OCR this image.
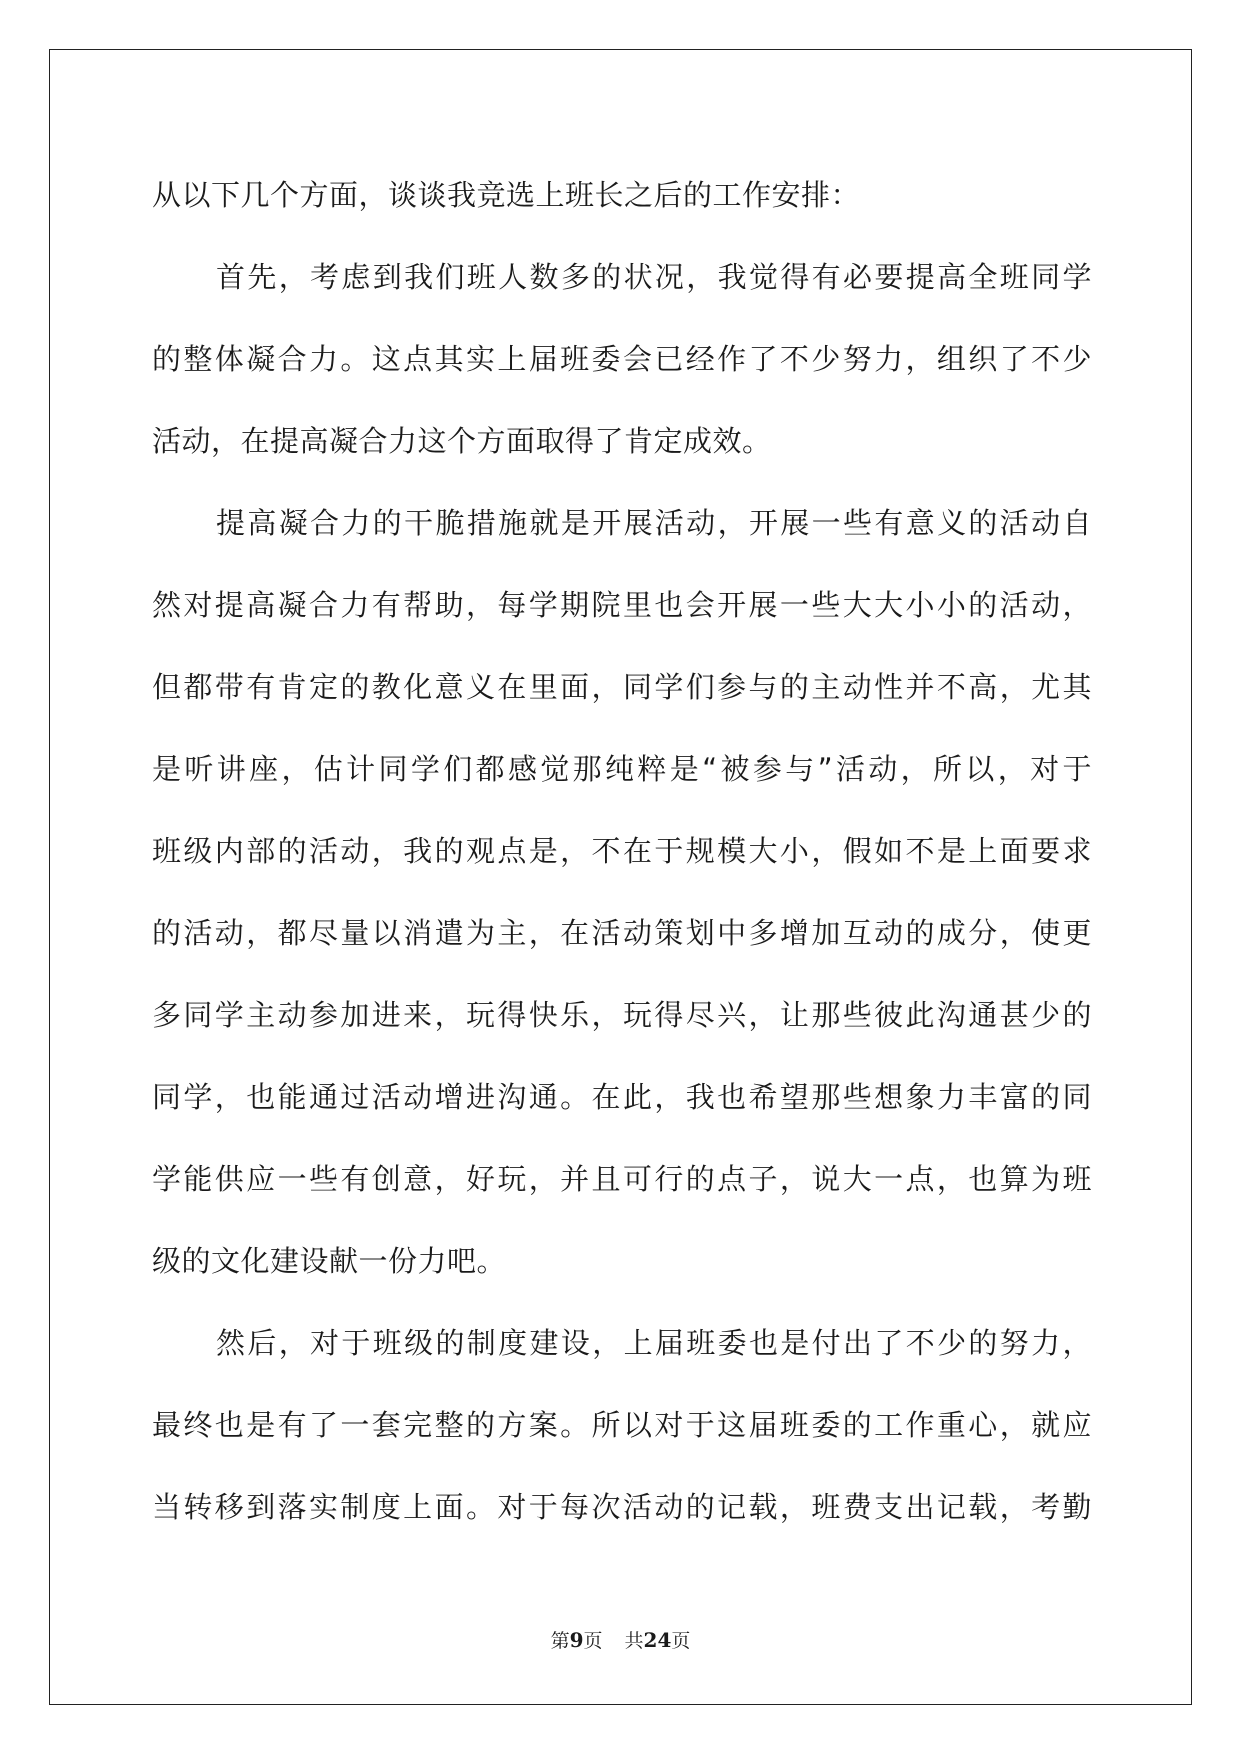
从以下几个方面，谈谈我竞选上班长之后的工作安排：
首先，考虑到我们班人数多的状况，我觉得有必要提高全班同学
的整体凝合力。这点其实上届班委会已经作了不少努力，组织了不少
活动，在提高凝合力这个方面取得了肯定成效。
提高凝合力的干脆措施就是开展活动，开展一些有意义的活动自
然对提高凝合力有帮助，每学期院里也会开展一些大大小小的活动，
但都带有肯定的教化意义在里面，同学们参与的主动性并不高，尤其
是听讲座，估计同学们都感觉那纯粹是“被参与”活动，所以，对于
班级内部的活动，我的观点是，不在于规模大小，假如不是上面要求
的活动，都尽量以消遣为主，在活动策划中多增加互动的成分，使更
多同学主动参加进来，玩得快乐，玩得尽兴，让那些彼此沟通甚少的
同学，也能通过活动增进沟通。在此，我也希望那些想象力丰富的同
学能供应一些有创意，好玩，并且可行的点子，说大一点，也算为班
级的文化建设献一份力吧。
然后，对于班级的制度建设，上届班委也是付出了不少的努力，
最终也是有了一套完整的方案。所以对于这届班委的工作重心，就应
当转移到落实制度上面。对于每次活动的记载，班费支出记载，考勤
第9页 共24页
